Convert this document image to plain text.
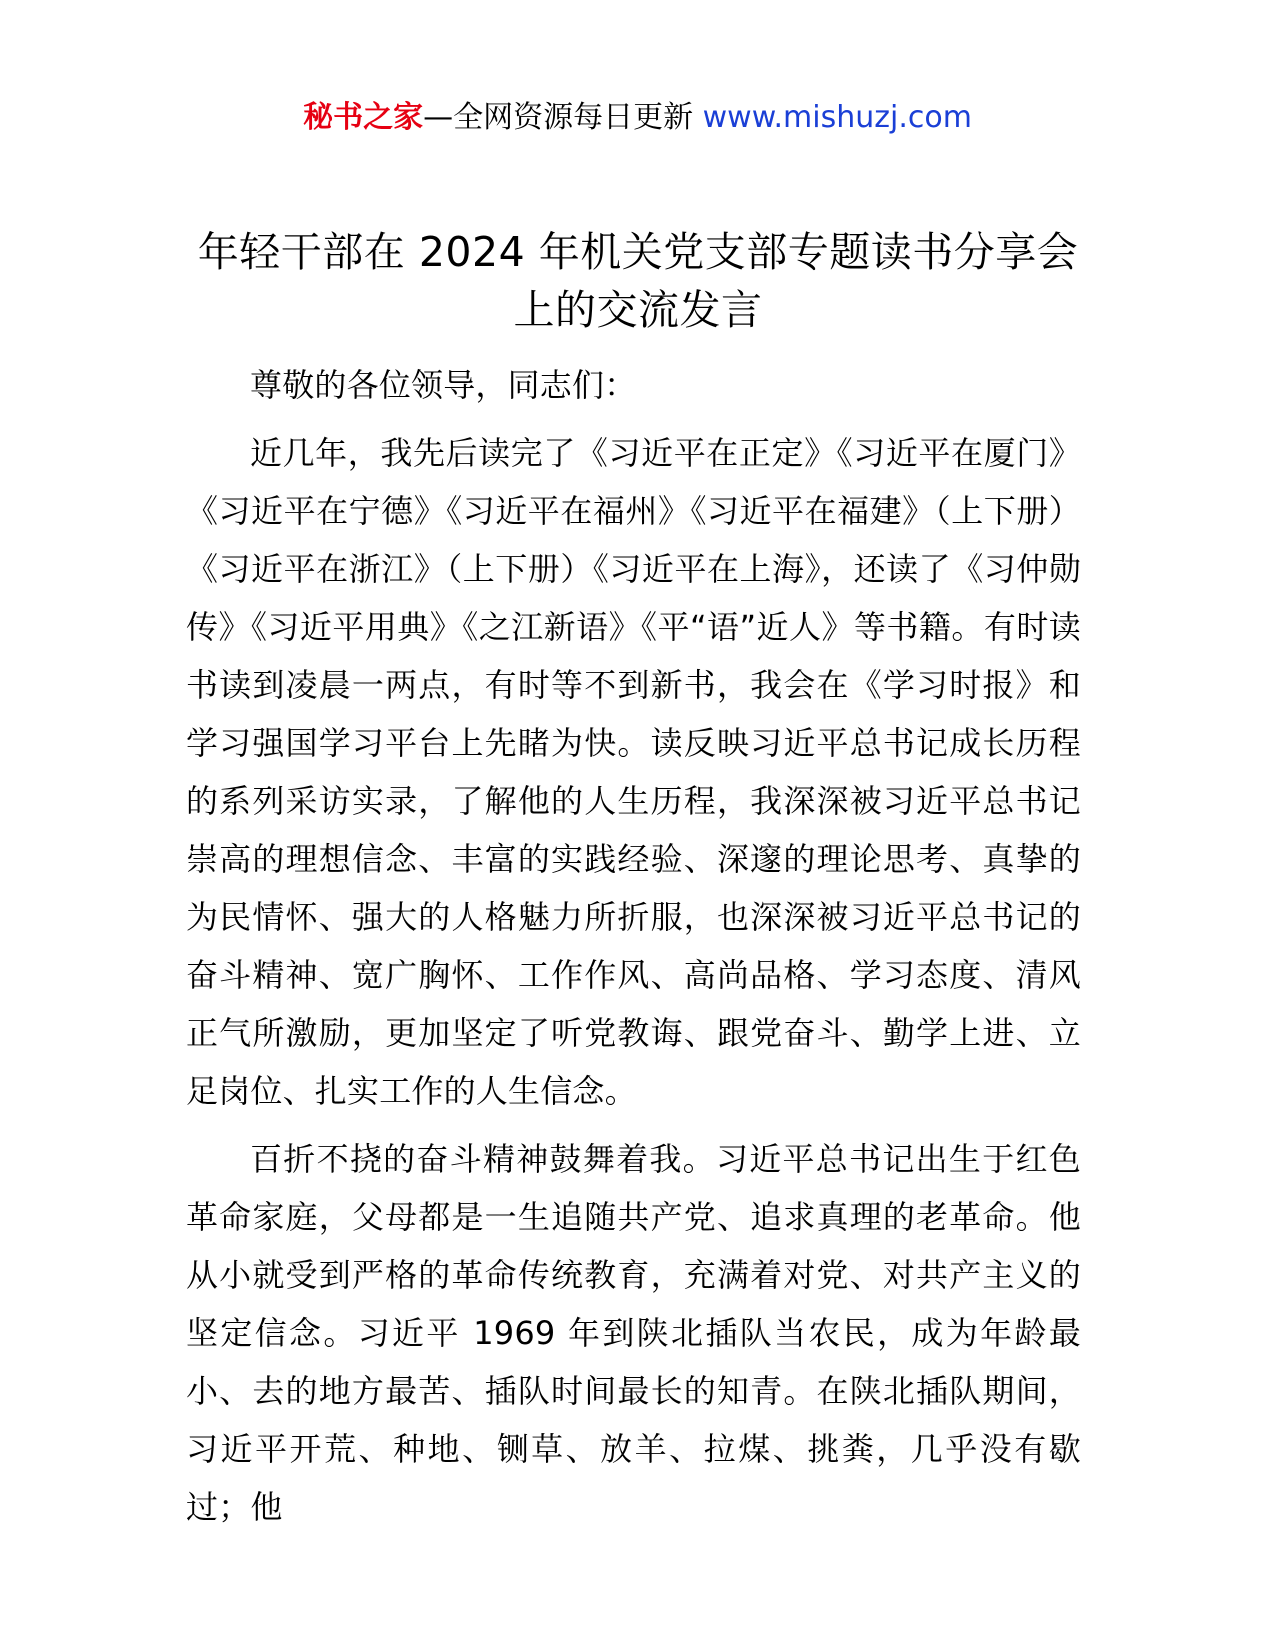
秘书之家—全网资源每日更新 www.mishuzj.com
年轻干部在 2024 年机关党支部专题读书分享会
上的交流发言

尊敬的各位领导，同志们：

近几年，我先后读完了《习近平在正定》《习近平在厦门》《习近平在宁德》《习近平在福州》《习近平在福建》（上下册）《习近平在浙江》（上下册）《习近平在上海》，还读了《习仲勋传》《习近平用典》《之江新语》《平“语”近人》等书籍。有时读书读到凌晨一两点，有时等不到新书，我会在《学习时报》和学习强国学习平台上先睹为快。读反映习近平总书记成长历程的系列采访实录，了解他的人生历程，我深深被习近平总书记崇高的理想信念、丰富的实践经验、深邃的理论思考、真挚的为民情怀、强大的人格魅力所折服，也深深被习近平总书记的奋斗精神、宽广胸怀、工作作风、高尚品格、学习态度、清风正气所激励，更加坚定了听党教诲、跟党奋斗、勤学上进、立足岗位、扎实工作的人生信念。

百折不挠的奋斗精神鼓舞着我。习近平总书记出生于红色革命家庭，父母都是一生追随共产党、追求真理的老革命。他从小就受到严格的革命传统教育，充满着对党、对共产主义的坚定信念。习近平 1969 年到陕北插队当农民，成为年龄最小、去的地方最苦、插队时间最长的知青。在陕北插队期间，习近平开荒、种地、铡草、放羊、拉煤、挑粪，几乎没有歇过；他
